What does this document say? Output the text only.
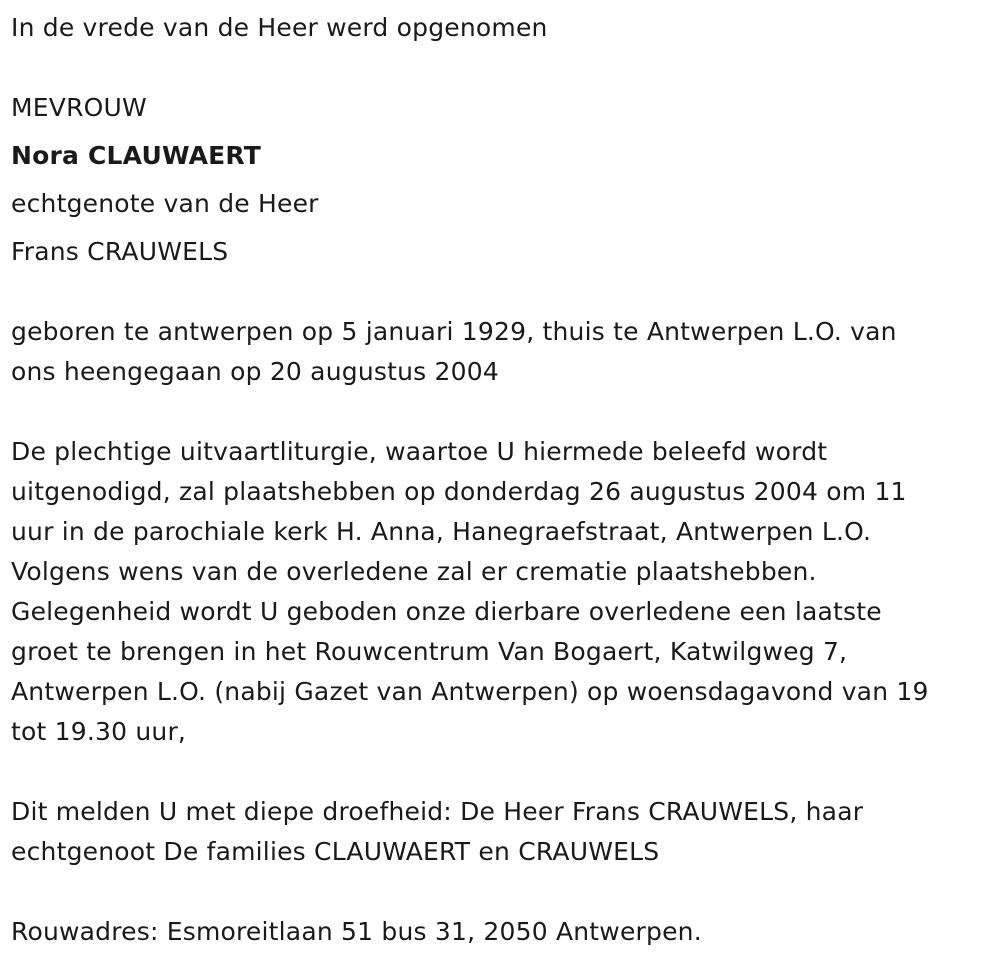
In de vrede van de Heer werd opgenomen
MEVROUW
Nora CLAUWAERT
echtgenote van de Heer
Frans CRAUWELS
geboren te antwerpen op 5 januari 1929, thuis te Antwerpen L.O. van
ons heengegaan op 20 augustus 2004
De plechtige uitvaartliturgie, waartoe U hiermede beleefd wordt
uitgenodigd, zal plaatshebben op donderdag 26 augustus 2004 om 11
uur in de parochiale kerk H. Anna, Hanegraefstraat, Antwerpen L.O.
Volgens wens van de overledene zal er crematie plaatshebben.
Gelegenheid wordt U geboden onze dierbare overledene een laatste
groet te brengen in het Rouwcentrum Van Bogaert, Katwilgweg 7,
Antwerpen L.O. (nabij Gazet van Antwerpen) op woensdagavond van 19
tot 19.30 uur,
Dit melden U met diepe droefheid: De Heer Frans CRAUWELS, haar
echtgenoot De families CLAUWAERT en CRAUWELS
Rouwadres: Esmoreitlaan 51 bus 31, 2050 Antwerpen.
